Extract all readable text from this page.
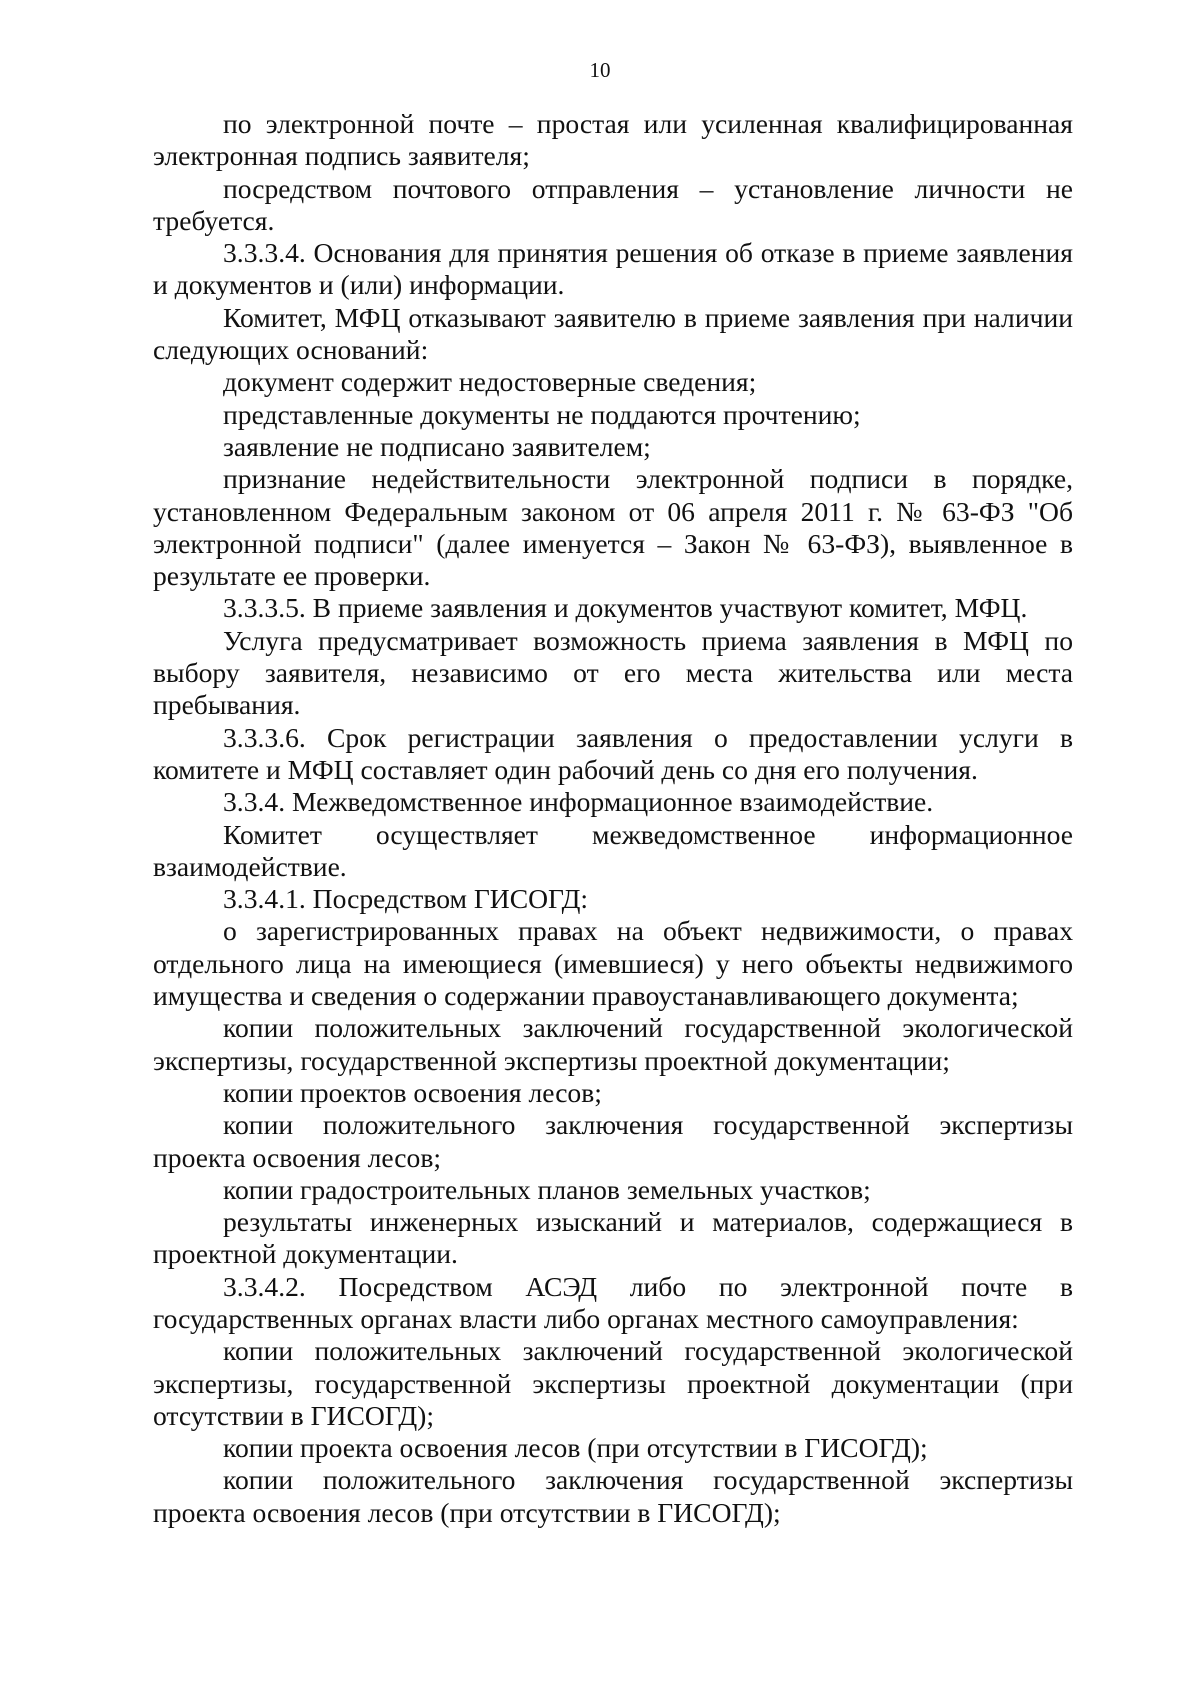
10

по электронной почте – простая или усиленная квалифицированная электронная подпись заявителя;

посредством почтового отправления – установление личности не требуется.

3.3.3.4. Основания для принятия решения об отказе в приеме заявления и документов и (или) информации.

Комитет, МФЦ отказывают заявителю в приеме заявления при наличии следующих оснований:

документ содержит недостоверные сведения;

представленные документы не поддаются прочтению;

заявление не подписано заявителем;

признание недействительности электронной подписи в порядке, установленном Федеральным законом от 06 апреля 2011 г. № 63-ФЗ "Об электронной подписи" (далее именуется – Закон № 63-ФЗ), выявленное в результате ее проверки.

3.3.3.5. В приеме заявления и документов участвуют комитет, МФЦ.

Услуга предусматривает возможность приема заявления в МФЦ по выбору заявителя, независимо от его места жительства или места пребывания.

3.3.3.6. Срок регистрации заявления о предоставлении услуги в комитете и МФЦ составляет один рабочий день со дня его получения.

3.3.4. Межведомственное информационное взаимодействие.

Комитет осуществляет межведомственное информационное взаимодействие.

3.3.4.1. Посредством ГИСОГД:

о зарегистрированных правах на объект недвижимости, о правах отдельного лица на имеющиеся (имевшиеся) у него объекты недвижимого имущества и сведения о содержании правоустанавливающего документа;

копии положительных заключений государственной экологической экспертизы, государственной экспертизы проектной документации;

копии проектов освоения лесов;

копии положительного заключения государственной экспертизы проекта освоения лесов;

копии градостроительных планов земельных участков;

результаты инженерных изысканий и материалов, содержащиеся в проектной документации.

3.3.4.2. Посредством АСЭД либо по электронной почте в государственных органах власти либо органах местного самоуправления:

копии положительных заключений государственной экологической экспертизы, государственной экспертизы проектной документации (при отсутствии в ГИСОГД);

копии проекта освоения лесов (при отсутствии в ГИСОГД);

копии положительного заключения государственной экспертизы проекта освоения лесов (при отсутствии в ГИСОГД);
